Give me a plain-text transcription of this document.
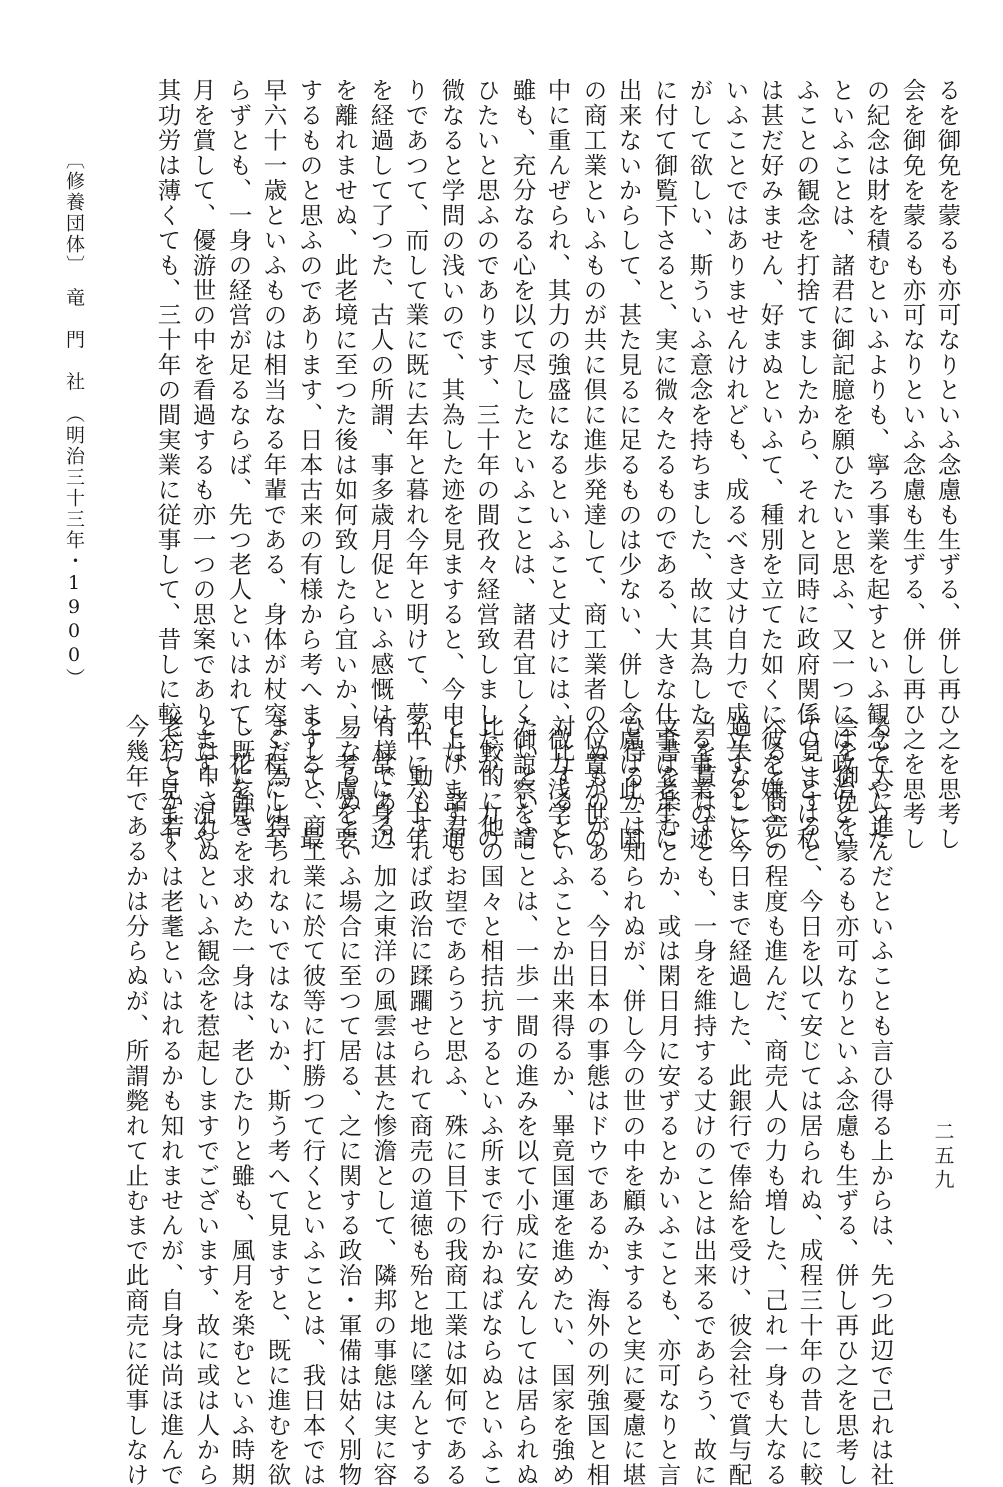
〔修養団体〕　竜　門　社　（明治三十三年・1900）
二五九
会を御免を蒙るも亦可なりといふ念慮も生ずる、併し再ひ之を思考し
の紀念は財を積むといふよりも、寧ろ事業を起すといふ観念でやつた
といふことは、諸君に御記臆を願ひたいと思ふ、又一つには政治とい
ふことの観念を打捨てましたから、それと同時に政府関係のことは私
は甚だ好みません、好まぬといふて、種別を立てた如くに彼を嫌ふと
いふことではありませんけれども、成るべき丈け自力で成立すること
がして欲しい、斯ういふ意念を持ちました、故に其為したる事業の迹
に付て御覧下さると、実に微々たるものである、大きな仕事は老生に
出来ないからして、甚た見るに足るものは少ない、併し念慮は此一国
の商工業といふものが共に倶に進歩発達して、商工業者の位置が世の
中に重んぜられ、其力の強盛になるといふこと丈けには、微力浅学と
雖も、充分なる心を以て尽したといふことは、諸君宜しく御諒察を請
ひたいと思ふのであります、三十年の間孜々経営致しましたが、力の
微なると学問の浅いので、其為した迹を見ますると、今申上けます通
りであつて、而して業に既に去年と暮れ今年と明けて、夢中に六十年
を経過して了つた、古人の所謂、事多歳月促といふ感慨は、常に身辺
を離れませぬ、此老境に至つた後は如何致したら宜いか、一考慮を要
するものと思ふのであります、日本古来の有様から考へますると、最
早六十一歳といふものは相当なる年輩である、身体が杖突く程には至
らずとも、一身の経営が足るならば、先つ老人といはれて、花を見、
月を賞して、優游世の中を看過するも亦一つの思案であります、況や
其功労は薄くても、三十年の間実業に従事して、昔しに較べて見ます	るを御免を蒙るも亦可なりといふ念慮も生ずる、併し再ひ之を思考し
ると大に進んだといふことも言ひ得る上からは、先つ此辺で己れは社
会を御免を蒙るも亦可なりといふ念慮も生ずる、併し再ひ之を思考し
て見ますると、今日を以て安じては居られぬ、成程三十年の昔しに較
べると商売の程度も進んだ、商売人の力も増した、己れ一身も大なる
過失なしに今日まで経過した、此銀行で俸給を受け、彼会社で賞与配
当を貰はずとも、一身を維持する丈けのことは出来るであらう、故に
文書を楽むとか、或は閑日月に安ずるとかいふことも、亦可なりと言
ひ得るかは知られぬが、併し今の世の中を顧みますると実に憂慮に堪
へぬものがある、今日日本の事態はドウであるか、海外の列強国と相
対比するといふことか出来得るか、畢竟国運を進めたい、国家を強め
たいといふことは、一歩一間の進みを以て小成に安んしては居られぬ
比較的に他の国々と相拮抗するといふ所まで行かねばならぬといふこ
とは、諸君もお望であらうと思ふ、殊に目下の我商工業は如何である
か、動もすれば政治に蹂躙せられて商売の道徳も殆と地に墜んとする
有様である、加之東洋の風雲は甚た惨澹として、隣邦の事態は実に容
易ならぬといふ場合に至つて居る、之に関する政治・軍備は姑く別物
として、商工業に於て彼等に打勝つて行くといふことは、我日本では
まだ為し得られないではないか、斯う考へて見ますと、既に進むを欲
し既に強きを求めた一身は、老ひたりと雖も、風月を楽むといふ時期
とは申されぬといふ観念を惹起しますでございます、故に或は人から
老朽とか若くは老耄といはれるかも知れませんが、自身は尚ほ進んで
今幾年であるかは分らぬが、所謂斃れて止むまで此商売に従事しなけ
